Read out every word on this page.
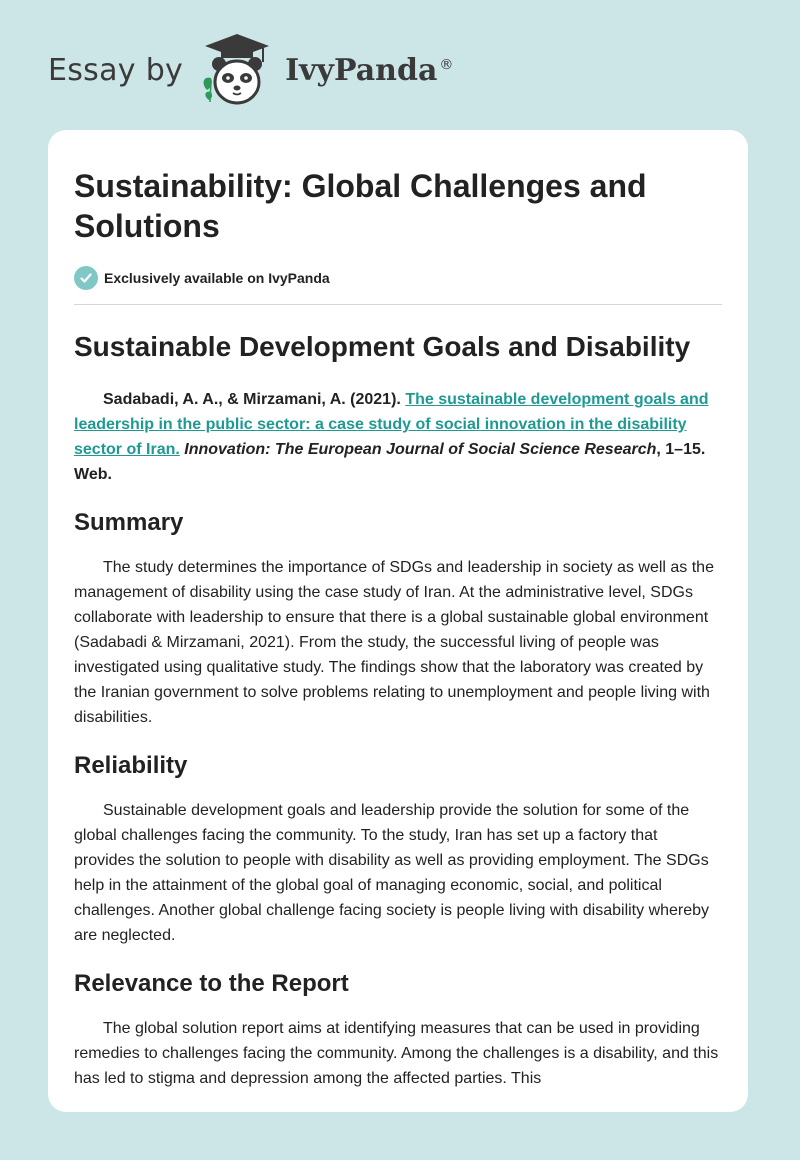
Essay by	IvyPanda ®
Sustainability: Global Challenges and Solutions
Exclusively available on IvyPanda
Sustainable Development Goals and Disability

Sadabadi, A. A., & Mirzamani, A. (2021). The sustainable development goals and leadership in the public sector: a case study of social innovation in the disability sector of Iran. Innovation: The European Journal of Social Science Research, 1–15. Web.

Summary

The study determines the importance of SDGs and leadership in society as well as the management of disability using the case study of Iran. At the administrative level, SDGs collaborate with leadership to ensure that there is a global sustainable global environment (Sadabadi & Mirzamani, 2021). From the study, the successful living of people was investigated using qualitative study. The findings show that the laboratory was created by the Iranian government to solve problems relating to unemployment and people living with disabilities.

Reliability

Sustainable development goals and leadership provide the solution for some of the global challenges facing the community. To the study, Iran has set up a factory that provides the solution to people with disability as well as providing employment. The SDGs help in the attainment of the global goal of managing economic, social, and political challenges. Another global challenge facing society is people living with disability whereby are neglected.

Relevance to the Report

The global solution report aims at identifying measures that can be used in providing remedies to challenges facing the community. Among the challenges is a disability, and this has led to stigma and depression among the affected parties. This
